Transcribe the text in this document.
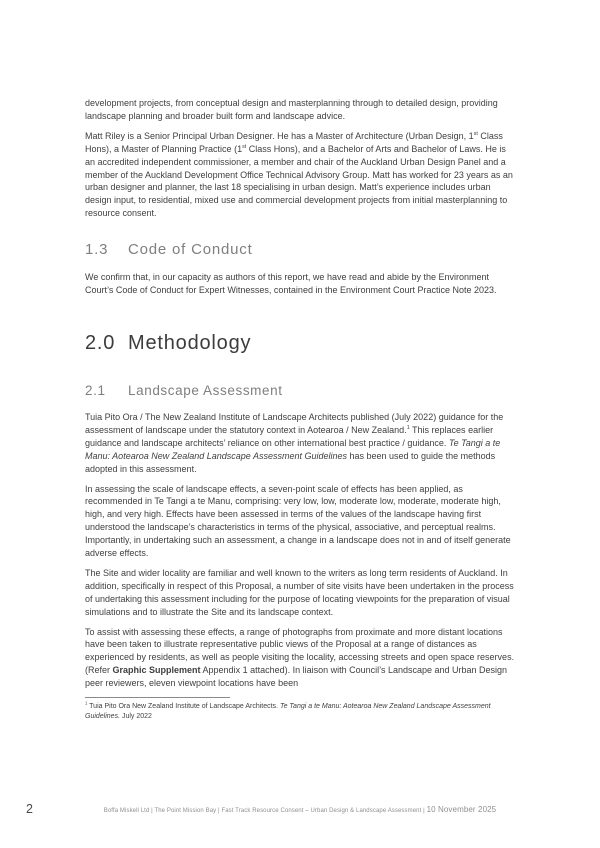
development projects, from conceptual design and masterplanning through to detailed design, providing landscape planning and broader built form and landscape advice.

Matt Riley is a Senior Principal Urban Designer. He has a Master of Architecture (Urban Design, 1st Class Hons), a Master of Planning Practice (1st Class Hons), and a Bachelor of Arts and Bachelor of Laws. He is an accredited independent commissioner, a member and chair of the Auckland Urban Design Panel and a member of the Auckland Development Office Technical Advisory Group. Matt has worked for 23 years as an urban designer and planner, the last 18 specialising in urban design. Matt’s experience includes urban design input, to residential, mixed use and commercial development projects from initial masterplanning to resource consent.

1.3	Code of Conduct

We confirm that, in our capacity as authors of this report, we have read and abide by the Environment Court’s Code of Conduct for Expert Witnesses, contained in the Environment Court Practice Note 2023.

2.0 Methodology
2.1	Landscape Assessment

Tuia Pito Ora / The New Zealand Institute of Landscape Architects published (July 2022) guidance for the assessment of landscape under the statutory context in Aotearoa / New Zealand.$^1$ This replaces earlier guidance and landscape architects’ reliance on other international best practice / guidance. Te Tangi a te Manu: Aotearoa New Zealand Landscape Assessment Guidelines has been used to guide the methods adopted in this assessment.

In assessing the scale of landscape effects, a seven-point scale of effects has been applied, as recommended in Te Tangi a te Manu, comprising: very low, low, moderate low, moderate, moderate high, high, and very high. Effects have been assessed in terms of the values of the landscape having first understood the landscape’s characteristics in terms of the physical, associative, and perceptual realms. Importantly, in undertaking such an assessment, a change in a landscape does not in and of itself generate adverse effects.

The Site and wider locality are familiar and well known to the writers as long term residents of Auckland. In addition, specifically in respect of this Proposal, a number of site visits have been undertaken in the process of undertaking this assessment including for the purpose of locating viewpoints for the preparation of visual simulations and to illustrate the Site and its landscape context.

To assist with assessing these effects, a range of photographs from proximate and more distant locations have been taken to illustrate representative public views of the Proposal at a range of distances as experienced by residents, as well as people visiting the locality, accessing streets and open space reserves. (Refer Graphic Supplement Appendix 1 attached). In liaison with Council’s Landscape and Urban Design peer reviewers, eleven viewpoint locations have been

$^1$ Tuia Pito Ora New Zealand Institute of Landscape Architects. Te Tangi a te Manu: Aotearoa New Zealand Landscape Assessment Guidelines. July 2022
2	Boffa Miskell Ltd | The Point Mission Bay | Fast Track Resource Consent – Urban Design & Landscape Assessment | 10 November 2025
